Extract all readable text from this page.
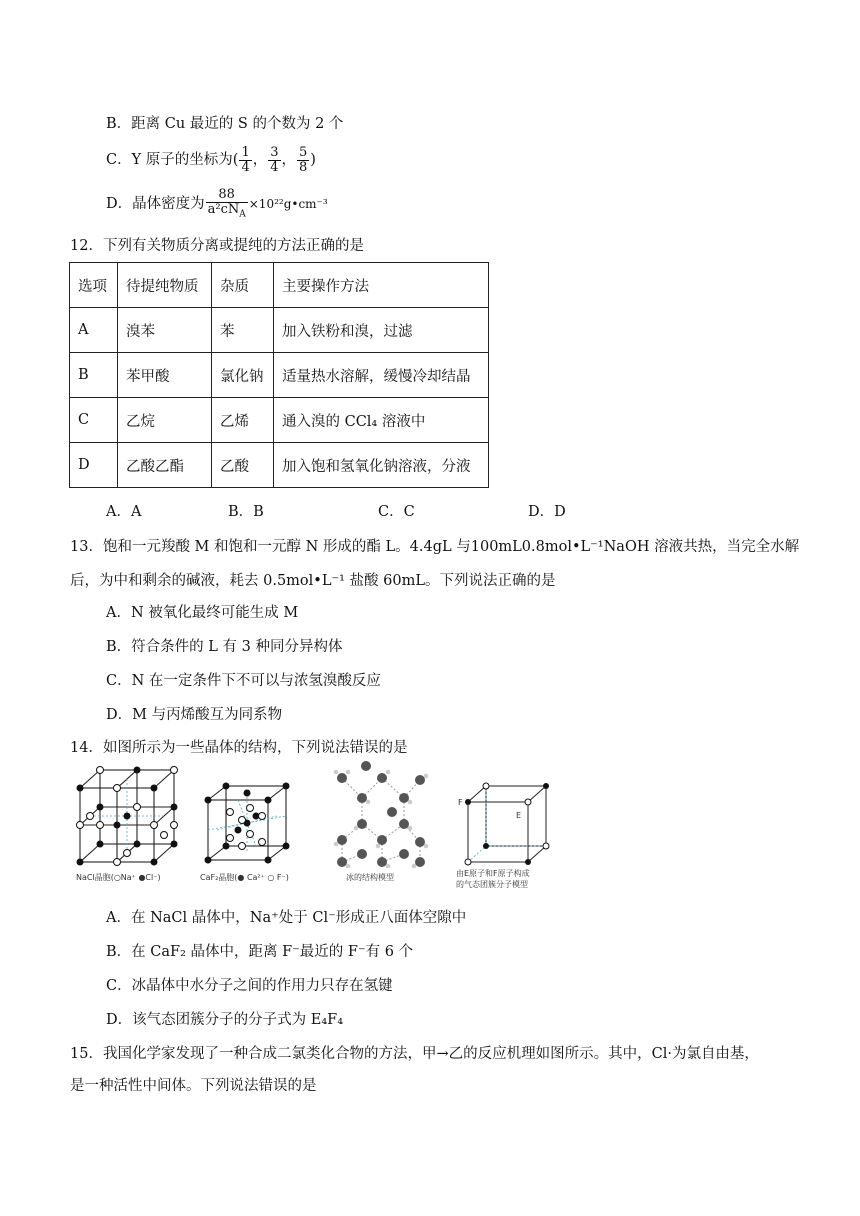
B．距离 Cu 最近的 S 的个数为 2 个
C．Y 原子的坐标为( $\frac{1}{4}$ ， $\frac{3}{4}$ ， $\frac{5}{8}$ )
D．晶体密度为 $\frac{88}{a^2cN_A}$ ×10²²g•cm⁻³
12．下列有关物质分离或提纯的方法正确的是
选项	待提纯物质	杂质	主要操作方法
A	溴苯	苯	加入铁粉和溴，过滤
B	苯甲酸	氯化钠	适量热水溶解，缓慢冷却结晶
C	乙烷	乙烯	通入溴的 CCl₄ 溶液中
D	乙酸乙酯	乙酸	加入饱和氢氧化钠溶液，分液
A．A	B．B	C．C	D．D
13．饱和一元羧酸 M 和饱和一元醇 N 形成的酯 L。4.4gL 与100mL0.8mol•L⁻¹NaOH 溶液共热，当完全水解
后，为中和剩余的碱液，耗去 0.5mol•L⁻¹ 盐酸 60mL。下列说法正确的是
A．N 被氧化最终可能生成 M
B．符合条件的 L 有 3 种同分异构体
C．N 在一定条件下不可以与浓氢溴酸反应
D．M 与丙烯酸互为同系物
14．如图所示为一些晶体的结构，下列说法错误的是
NaCl晶胞(○Na⁺ ●Cl⁻)	CaF₂晶胞(● Ca²⁺ ○ F⁻)	冰的结构模型
F
E
由E原子和F原子构成
的气态团簇分子模型
A．在 NaCl 晶体中，Na⁺处于 Cl⁻形成正八面体空隙中
B．在 CaF₂ 晶体中，距离 F⁻最近的 F⁻有 6 个
C．冰晶体中水分子之间的作用力只存在氢键
D．该气态团簇分子的分子式为 E₄F₄
15．我国化学家发现了一种合成二氯类化合物的方法，甲→乙的反应机理如图所示。其中，Cl·为氯自由基，
是一种活性中间体。下列说法错误的是
